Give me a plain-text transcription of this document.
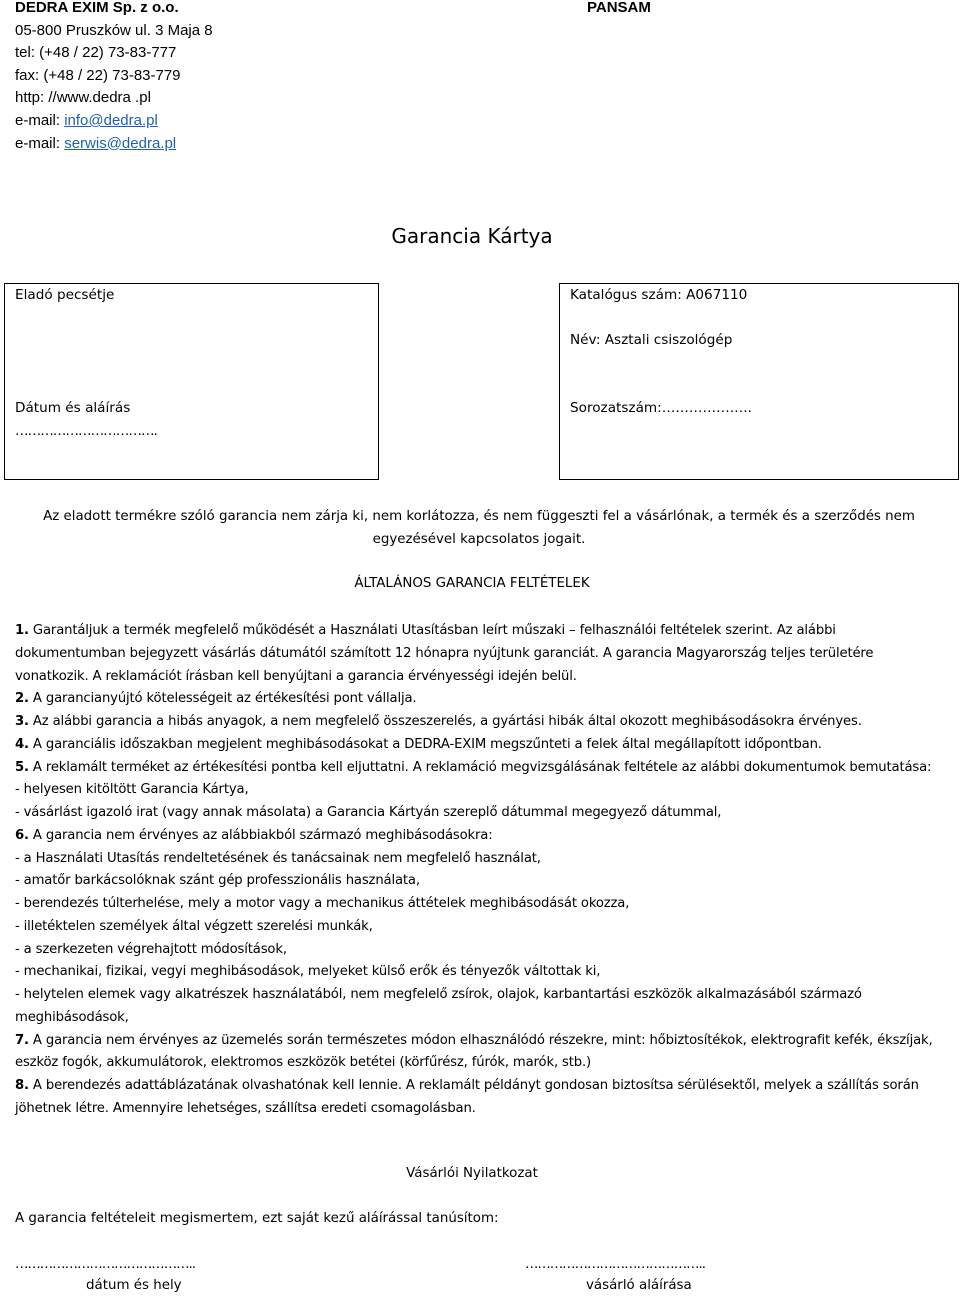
DEDRA EXIM Sp. z o.o.
05-800 Pruszków ul. 3 Maja 8
tel: (+48 / 22) 73-83-777
fax: (+48 / 22) 73-83-779
http: //www.dedra .pl
e-mail: info@dedra.pl
e-mail: serwis@dedra.pl
PANSAM
Garancia Kártya
Eladó pecsétje
Dátum és aláírás
…………………………….
Katalógus szám: A067110
Név: Asztali csiszológép
Sorozatszám:………………..
Az eladott termékre szóló garancia nem zárja ki, nem korlátozza, és nem függeszti fel a vásárlónak, a termék és a szerződés nem egyezésével kapcsolatos jogait.
ÁLTALÁNOS GARANCIA FELTÉTELEK

1. Garantáljuk a termék megfelelő működését a Használati Utasításban leírt műszaki – felhasználói feltételek szerint. Az alábbi dokumentumban bejegyzett vásárlás dátumától számított 12 hónapra nyújtunk garanciát. A garancia Magyarország teljes területére vonatkozik. A reklamációt írásban kell benyújtani a garancia érvényességi idején belül.

2. A garancianyújtó kötelességeit az értékesítési pont vállalja.

3. Az alábbi garancia a hibás anyagok, a nem megfelelő összeszerelés, a gyártási hibák által okozott meghibásodásokra érvényes.

4. A garanciális időszakban megjelent meghibásodásokat a DEDRA-EXIM megszűnteti a felek által megállapított időpontban.

5. A reklamált terméket az értékesítési pontba kell eljuttatni. A reklamáció megvizsgálásának feltétele az alábbi dokumentumok bemutatása:

- helyesen kitöltött Garancia Kártya,

- vásárlást igazoló irat (vagy annak másolata) a Garancia Kártyán szereplő dátummal megegyező dátummal,

6. A garancia nem érvényes az alábbiakból származó meghibásodásokra:

- a Használati Utasítás rendeltetésének és tanácsainak nem megfelelő használat,

- amatőr barkácsolóknak szánt gép professzionális használata,

- berendezés túlterhelése, mely a motor vagy a mechanikus áttételek meghibásodását okozza,

- illetéktelen személyek által végzett szerelési munkák,

- a szerkezeten végrehajtott módosítások,

- mechanikai, fizikai, vegyi meghibásodások, melyeket külső erők és tényezők váltottak ki,

- helytelen elemek vagy alkatrészek használatából, nem megfelelő zsírok, olajok, karbantartási eszközök alkalmazásából származó meghibásodások,

7. A garancia nem érvényes az üzemelés során természetes módon elhasználódó részekre, mint: hőbiztosítékok, elektrografit kefék, ékszíjak, eszköz fogók, akkumulátorok, elektromos eszközök betétei (körfűrész, fúrók, marók, stb.)

8. A berendezés adattáblázatának olvashatónak kell lennie. A reklamált példányt gondosan biztosítsa sérülésektől, melyek a szállítás során jöhetnek létre. Amennyire lehetséges, szállítsa eredeti csomagolásban.

Vásárlói Nyilatkozat
A garancia feltételeit megismertem, ezt saját kezű aláírással tanúsítom:
……………………………………..	……………………………………..
dátum és hely	vásárló aláírása
